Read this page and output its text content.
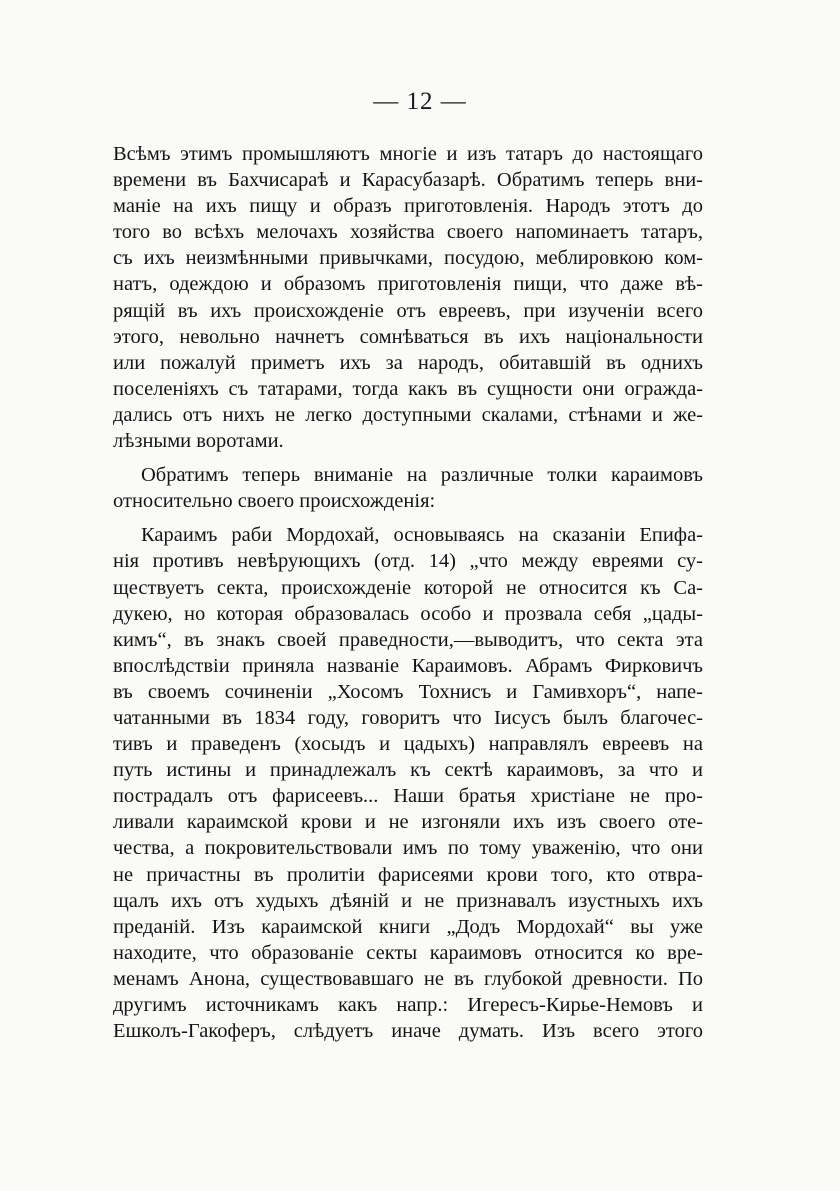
— 12 —
Всѣмъ этимъ промышляютъ многіе и изъ татаръ до настоящаго
времени въ Бахчисараѣ и Карасубазарѣ. Обратимъ теперь вни-
маніе на ихъ пищу и образъ приготовленія. Народъ этотъ до
того во всѣхъ мелочахъ хозяйства своего напоминаетъ татаръ,
съ ихъ неизмѣнными привычками, посудою, меблировкою ком-
натъ, одеждою и образомъ приготовленія пищи, что даже вѣ-
рящій въ ихъ происхожденіе отъ евреевъ, при изученіи всего
этого, невольно начнетъ сомнѣваться въ ихъ національности
или пожалуй приметъ ихъ за народъ, обитавшій въ однихъ
поселеніяхъ съ татарами, тогда какъ въ сущности они огражда-
дались отъ нихъ не легко доступными скалами, стѣнами и же-
лѣзными воротами.
Обратимъ теперь вниманіе на различные толки караимовъ
относительно своего происхожденія:
Караимъ раби Мордохай, основываясь на сказаніи Епифа-
нія противъ невѣрующихъ (отд. 14) „что между евреями су-
ществуетъ секта, происхожденіе которой не относится къ Са-
дукею, но которая образовалась особо и прозвала себя „цады-
кимъ“, въ знакъ своей праведности,—выводитъ, что секта эта
впослѣдствіи приняла названіе Караимовъ. Абрамъ Фирковичъ
въ своемъ сочиненіи „Хосомъ Тохнисъ и Гамивхоръ“, напе-
чатанными въ 1834 году, говоритъ что Іисусъ былъ благочес-
тивъ и праведенъ (хосыдъ и цадыхъ) направлялъ евреевъ на
путь истины и принадлежалъ къ сектѣ караимовъ, за что и
пострадалъ отъ фарисеевъ... Наши братья христіане не про-
ливали караимской крови и не изгоняли ихъ изъ своего оте-
чества, а покровительствовали имъ по тому уваженію, что они
не причастны въ пролитіи фарисеями крови того, кто отвра-
щалъ ихъ отъ худыхъ дѣяній и не признавалъ изустныхъ ихъ
преданій. Изъ караимской книги „Додъ Мордохай“ вы уже
находите, что образованіе секты караимовъ относится ко вре-
менамъ Анона, существовавшаго не въ глубокой древности. По
другимъ источникамъ какъ напр.: Игересъ-Кирье-Немовъ и
Ешколъ-Гакоферъ, слѣдуетъ иначе думать. Изъ всего этого
